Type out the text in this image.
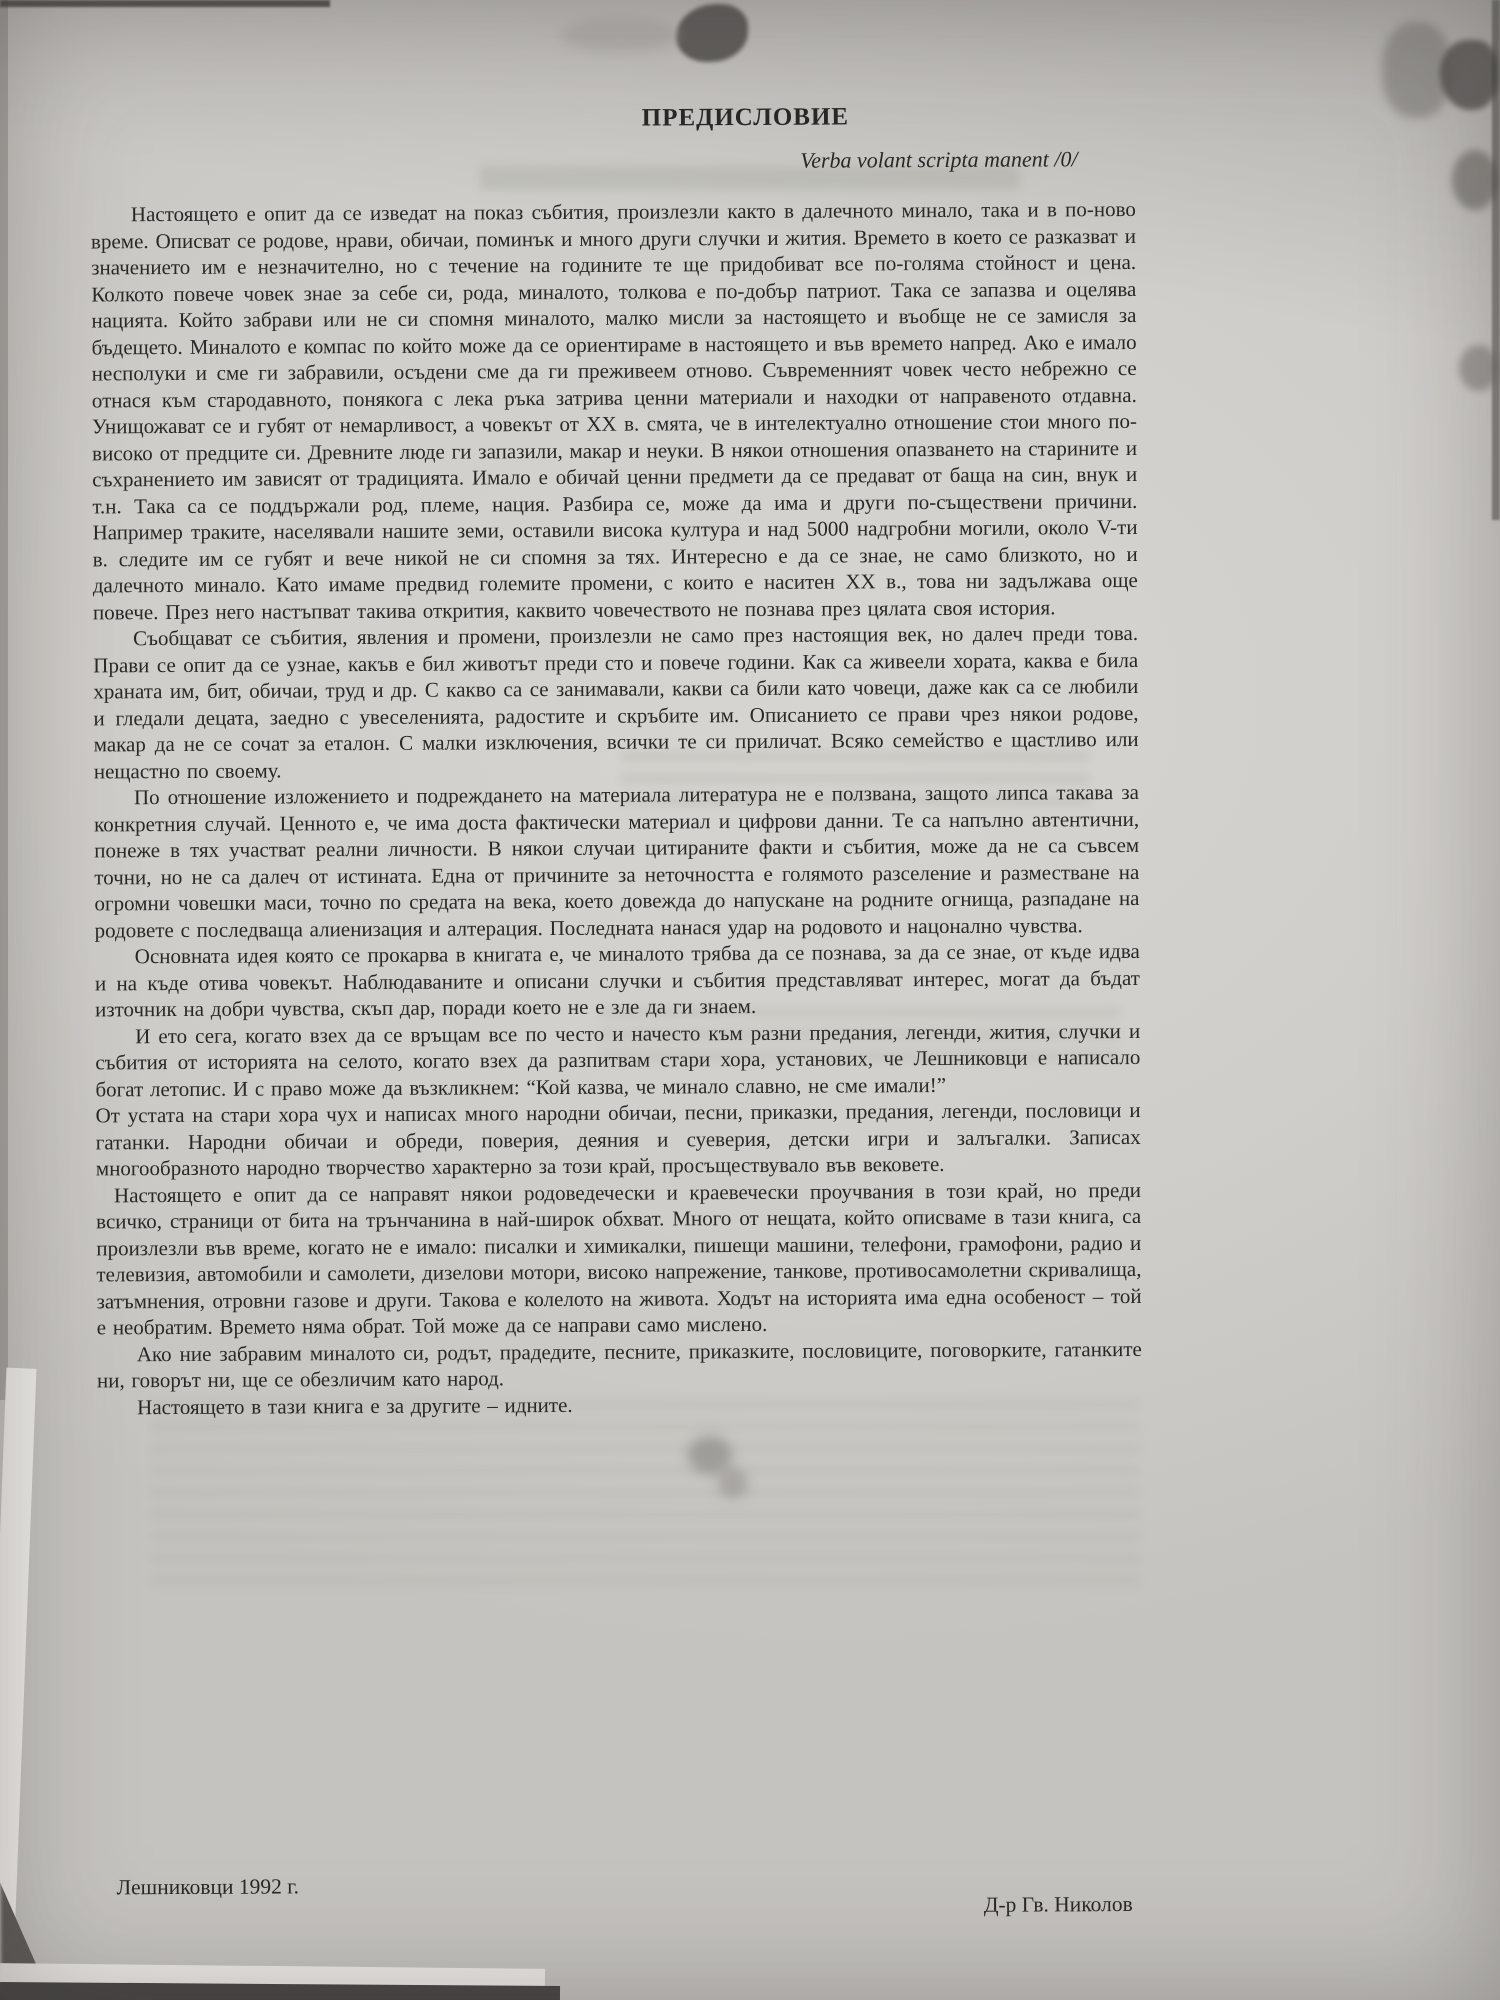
ПРЕДИСЛОВИЕ
Verba volant scripta manent /0/

Настоящето е опит да се изведат на показ събития, произлезли както в далечното минало, така и в по-ново време. Описват се родове, нрави, обичаи, поминък и много други случки и жития. Времето в което се разказват и значението им е незначително, но с течение на годините те ще придобиват все по-голяма стойност и цена. Колкото повече човек знае за себе си, рода, миналото, толкова е по-добър патриот. Така се запазва и оцелява нацията. Който забрави или не си спомня миналото, малко мисли за настоящето и въобще не се замисля за бъдещето. Миналото е компас по който може да се ориентираме в настоящето и във времето напред. Ако е имало несполуки и сме ги забравили, осъдени сме да ги преживеем отново. Съвременният човек често небрежно се отнася към стародавното, понякога с лека ръка затрива ценни материали и находки от направеното отдавна. Унищожават се и губят от немарливост, а човекът от XX в. смята, че в интелектуално отношение стои много по-високо от предците си. Древните люде ги запазили, макар и неуки. В някои отношения опазването на старините и съхранението им зависят от традицията. Имало е обичай ценни предмети да се предават от баща на син, внук и т.н. Така са се поддържали род, племе, нация. Разбира се, може да има и други по-съществени причини. Например траките, населявали нашите земи, оставили висока култура и над 5000 надгробни могили, около V-ти в. следите им се губят и вече никой не си спомня за тях. Интересно е да се знае, не само близкото, но и далечното минало. Като имаме предвид големите промени, с които е наситен XX в., това ни задължава още повече. През него настъпват такива открития, каквито човечеството не познава през цялата своя история.

Съобщават се събития, явления и промени, произлезли не само през настоящия век, но далеч преди това. Прави се опит да се узнае, какъв е бил животът преди сто и повече години. Как са живеели хората, каква е била храната им, бит, обичаи, труд и др. С какво са се занимавали, какви са били като човеци, даже как са се любили и гледали децата, заедно с увеселенията, радостите и скръбите им. Описанието се прави чрез някои родове, макар да не се сочат за еталон. С малки изключения, всички те си приличат. Всяко семейство е щастливо или нещастно по своему.

По отношение изложението и подреждането на материала литература не е ползвана, защото липса такава за конкретния случай. Ценното е, че има доста фактически материал и цифрови данни. Те са напълно автентични, понеже в тях участват реални личности. В някои случаи цитираните факти и събития, може да не са съвсем точни, но не са далеч от истината. Една от причините за неточността е голямото разселение и разместване на огромни човешки маси, точно по средата на века, което довежда до напускане на родните огнища, разпадане на родовете с последваща алиенизация и алтерация. Последната нанася удар на родовото и нацонално чувства.

Основната идея която се прокарва в книгата е, че миналото трябва да се познава, за да се знае, от къде идва и на къде отива човекът. Наблюдаваните и описани случки и събития представляват интерес, могат да бъдат източник на добри чувства, скъп дар, поради което не е зле да ги знаем.

И ето сега, когато взех да се връщам все по често и начесто към разни предания, легенди, жития, случки и събития от историята на селото, когато взех да разпитвам стари хора, установих, че Лешниковци е написало богат летопис. И с право може да възкликнем: “Кой казва, че минало славно, не сме имали!”

От устата на стари хора чух и написах много народни обичаи, песни, приказки, предания, легенди, пословици и гатанки. Народни обичаи и обреди, поверия, деяния и суеверия, детски игри и залъгалки. Записах многообразното народно творчество характерно за този край, просъществувало във вековете.

Настоящето е опит да се направят някои родоведечески и краевечески проучвания в този край, но преди всичко, страници от бита на трънчанина в най-широк обхват. Много от нещата, който описваме в тази книга, са произлезли във време, когато не е имало: писалки и химикалки, пишещи машини, телефони, грамофони, радио и телевизия, автомобили и самолети, дизелови мотори, високо напрежение, танкове, противосамолетни скривалища, затъмнения, отровни газове и други. Такова е колелото на живота. Ходът на историята има една особеност – той е необратим. Времето няма обрат. Той може да се направи само мислено.

Ако ние забравим миналото си, родът, прадедите, песните, приказките, пословиците, поговорките, гатанките ни, говорът ни, ще се обезличим като народ.

Настоящето в тази книга е за другите – идните.

Лешниковци 1992 г.
Д-р Гв. Николов
